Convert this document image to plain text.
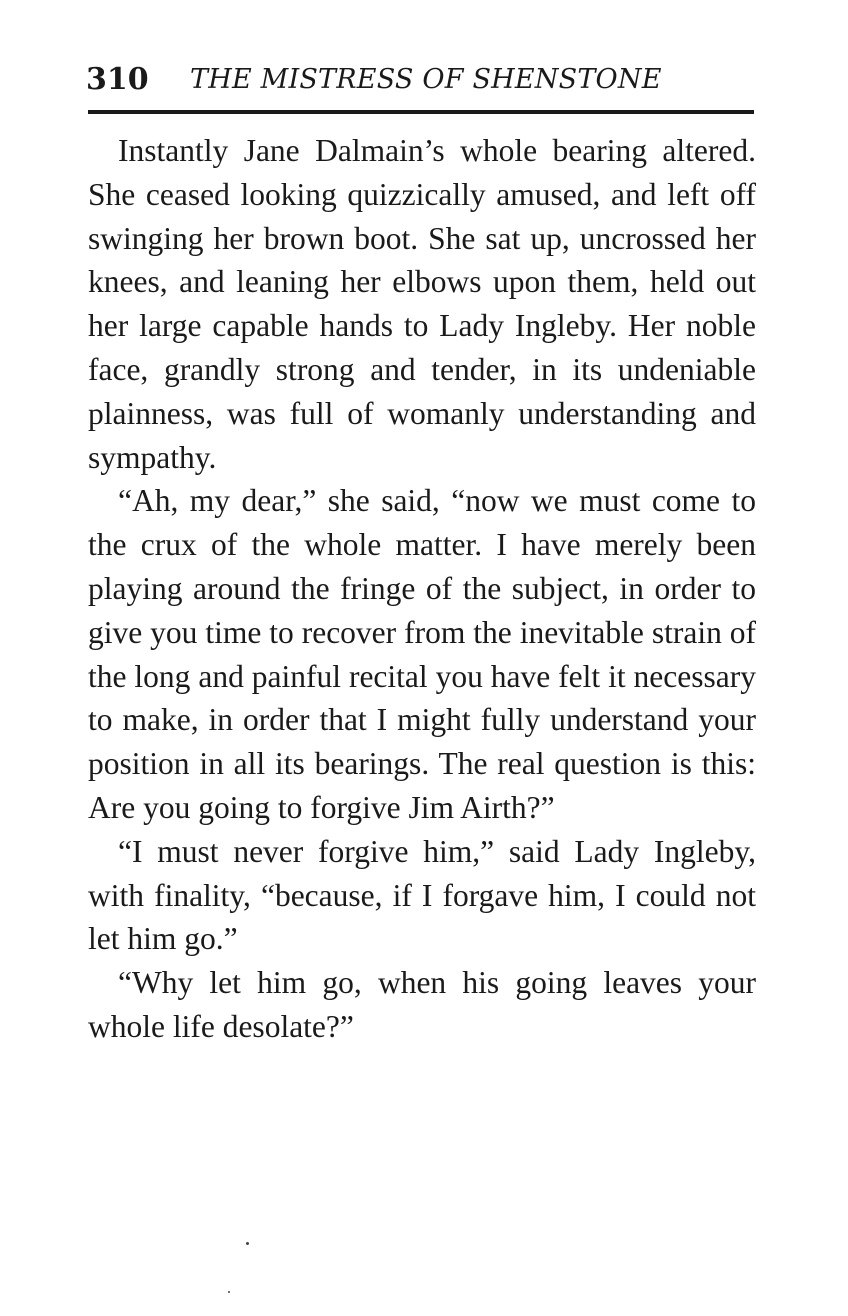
310 THE MISTRESS OF SHENSTONE

Instantly Jane Dalmain’s whole bearing altered. She ceased looking quizzically amused, and left off swinging her brown boot. She sat up, uncrossed her knees, and leaning her elbows upon them, held out her large capable hands to Lady Ingleby. Her noble face, grandly strong and tender, in its undeniable plainness, was full of womanly understanding and sympathy.

“Ah, my dear,” she said, “now we must come to the crux of the whole matter. I have merely been playing around the fringe of the subject, in order to give you time to recover from the inevitable strain of the long and painful recital you have felt it necessary to make, in order that I might fully understand your position in all its bearings. The real question is this: Are you going to forgive Jim Airth?”

“I must never forgive him,” said Lady Ingleby, with finality, “because, if I forgave him, I could not let him go.”

“Why let him go, when his going leaves your whole life desolate?”
